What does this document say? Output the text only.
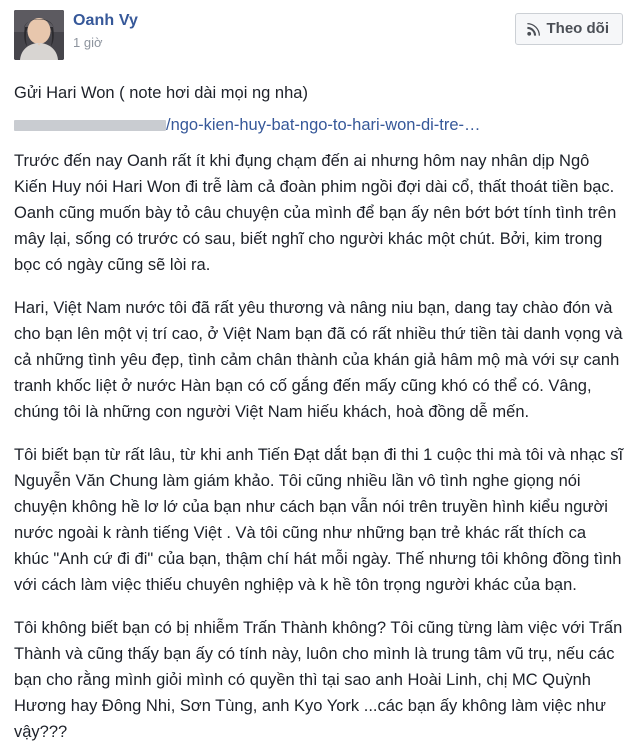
Oanh Vy
1 giờ
Theo dõi

Gửi Hari Won ( note hơi dài mọi ng nha)

/ngo-kien-huy-bat-ngo-to-hari-won-di-tre-…

Trước đến nay Oanh rất ít khi đụng chạm đến ai nhưng hôm nay nhân dịp Ngô Kiến Huy nói Hari Won đi trễ làm cả đoàn phim ngồi đợi dài cổ, thất thoát tiền bạc. Oanh cũng muốn bày tỏ câu chuyện của mình để bạn ấy nên bớt bớt tính tình trên mây lại, sống có trước có sau, biết nghĩ cho người khác một chút. Bởi, kim trong bọc có ngày cũng sẽ lòi ra.

Hari, Việt Nam nước tôi đã rất yêu thương và nâng niu bạn, dang tay chào đón và cho bạn lên một vị trí cao, ở Việt Nam bạn đã có rất nhiều thứ tiền tài danh vọng và cả những tình yêu đẹp, tình cảm chân thành của khán giả hâm mộ mà với sự canh tranh khốc liệt ở nước Hàn bạn có cố gắng đến mấy cũng khó có thể có. Vâng, chúng tôi là những con người Việt Nam hiếu khách, hoà đồng dễ mến.

Tôi biết bạn từ rất lâu, từ khi anh Tiến Đạt dắt bạn đi thi 1 cuộc thi mà tôi và nhạc sĩ Nguyễn Văn Chung làm giám khảo. Tôi cũng nhiều lần vô tình nghe giọng nói chuyện không hề lơ lớ của bạn như cách bạn vẫn nói trên truyền hình kiểu người nước ngoài k rành tiếng Việt . Và tôi cũng như những bạn trẻ khác rất thích ca khúc "Anh cứ đi đi" của bạn, thậm chí hát mỗi ngày. Thế nhưng tôi không đồng tình với cách làm việc thiếu chuyên nghiệp và k hề tôn trọng người khác của bạn.

Tôi không biết bạn có bị nhiễm Trấn Thành không? Tôi cũng từng làm việc với Trấn Thành và cũng thấy bạn ấy có tính này, luôn cho mình là trung tâm vũ trụ, nếu các bạn cho rằng mình giỏi mình có quyền thì tại sao anh Hoài Linh, chị MC Quỳnh Hương hay Đông Nhi, Sơn Tùng, anh Kyo York ...các bạn ấy không làm việc như vậy???
